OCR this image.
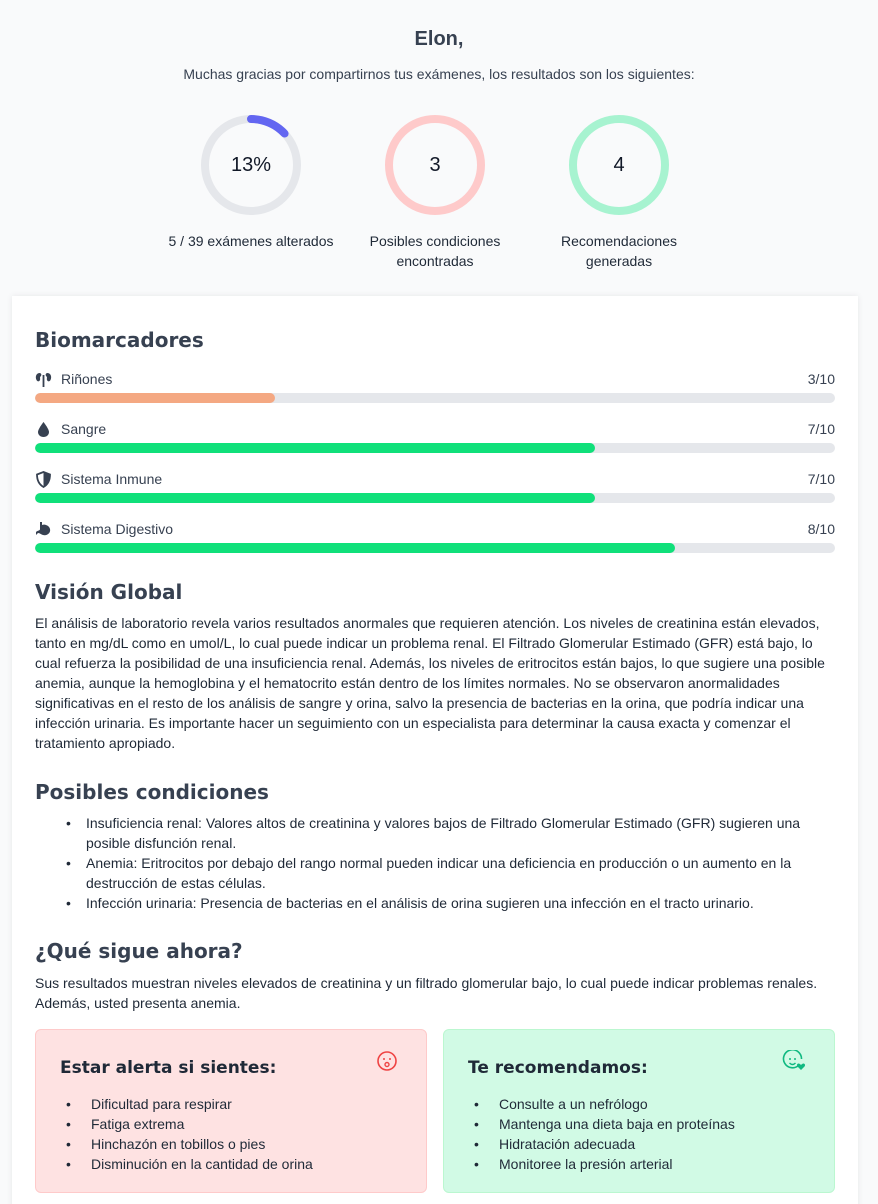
Elon,
Muchas gracias por compartirnos tus exámenes, los resultados son los siguientes:
13%
5 / 39 exámenes alterados
3
Posibles condiciones encontradas
4
Recomendaciones generadas
Biomarcadores
Riñones	3/10
Sangre	7/10
Sistema Inmune	7/10
Sistema Digestivo	8/10
Visión Global
El análisis de laboratorio revela varios resultados anormales que requieren atención. Los niveles de creatinina están elevados, tanto en mg/dL como en umol/L, lo cual puede indicar un problema renal. El Filtrado Glomerular Estimado (GFR) está bajo, lo cual refuerza la posibilidad de una insuficiencia renal. Además, los niveles de eritrocitos están bajos, lo que sugiere una posible anemia, aunque la hemoglobina y el hematocrito están dentro de los límites normales. No se observaron anormalidades significativas en el resto de los análisis de sangre y orina, salvo la presencia de bacterias en la orina, que podría indicar una infección urinaria. Es importante hacer un seguimiento con un especialista para determinar la causa exacta y comenzar el tratamiento apropiado.
Posibles condiciones
• Insuficiencia renal: Valores altos de creatinina y valores bajos de Filtrado Glomerular Estimado (GFR) sugieren una posible disfunción renal.
• Anemia: Eritrocitos por debajo del rango normal pueden indicar una deficiencia en producción o un aumento en la destrucción de estas células.
• Infección urinaria: Presencia de bacterias en el análisis de orina sugieren una infección en el tracto urinario.
¿Qué sigue ahora?
Sus resultados muestran niveles elevados de creatinina y un filtrado glomerular bajo, lo cual puede indicar problemas renales. Además, usted presenta anemia.
Estar alerta si sientes:
• Dificultad para respirar
• Fatiga extrema
• Hinchazón en tobillos o pies
• Disminución en la cantidad de orina
Te recomendamos:
• Consulte a un nefrólogo
• Mantenga una dieta baja en proteínas
• Hidratación adecuada
• Monitoree la presión arterial
